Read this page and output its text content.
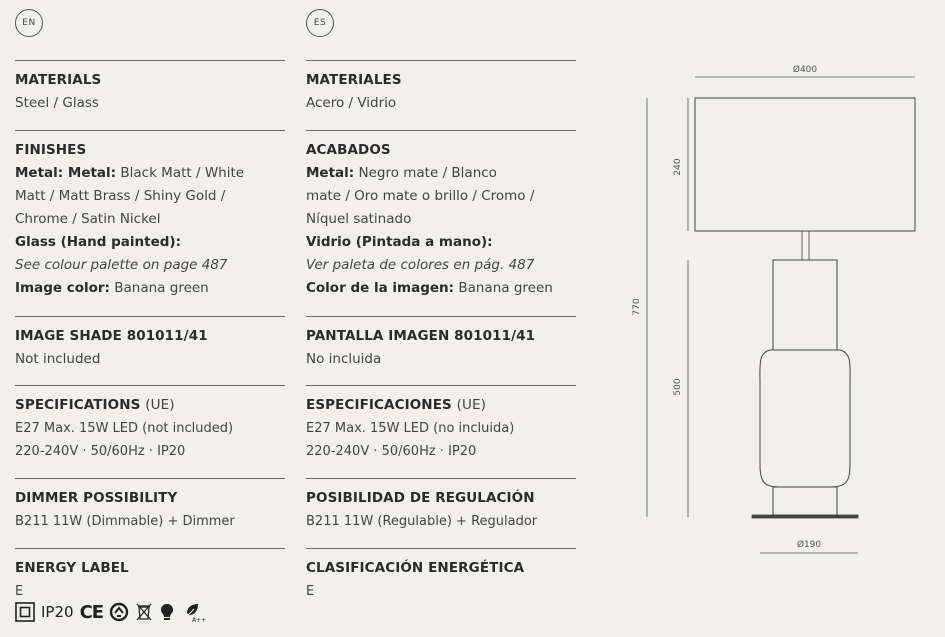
EN
MATERIALS

Steel / Glass

FINISHES

Metal: Metal: Black Matt / White

Matt / Matt Brass / Shiny Gold /

Chrome / Satin Nickel

Glass (Hand painted):

See colour palette on page 487

Image color: Banana green

IMAGE SHADE 801011/41

Not included

SPECIFICATIONS (UE)

E27 Max. 15W LED (not included)

220-240V · 50/60Hz · IP20

DIMMER POSSIBILITY

B211 11W (Dimmable) + Dimmer

ENERGY LABEL

E

ES
MATERIALES

Acero / Vidrio

ACABADOS

Metal: Negro mate / Blanco

mate / Oro mate o brillo / Cromo /

Níquel satinado

Vidrio (Pintada a mano):

Ver paleta de colores en pág. 487

Color de la imagen: Banana green

PANTALLA IMAGEN 801011/41

No incluida

ESPECIFICACIONES (UE)

E27 Max. 15W LED (no incluida)

220-240V · 50/60Hz · IP20

POSIBILIDAD DE REGULACIÓN

B211 11W (Regulable) + Regulador

CLASIFICACIÓN ENERGÉTICA

E

IP20 CE	A++
Ø400
240
770
500
Ø190
